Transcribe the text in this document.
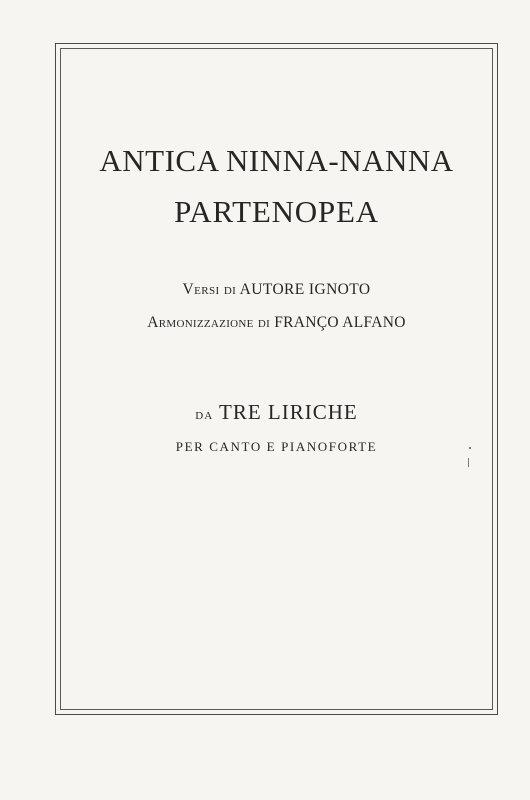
ANTICA NINNA-NANNA
PARTENOPEA
Versi di AUTORE IGNOTO
Armonizzazione di FRANÇO ALFANO
da TRE LIRICHE
PER CANTO E PIANOFORTE
